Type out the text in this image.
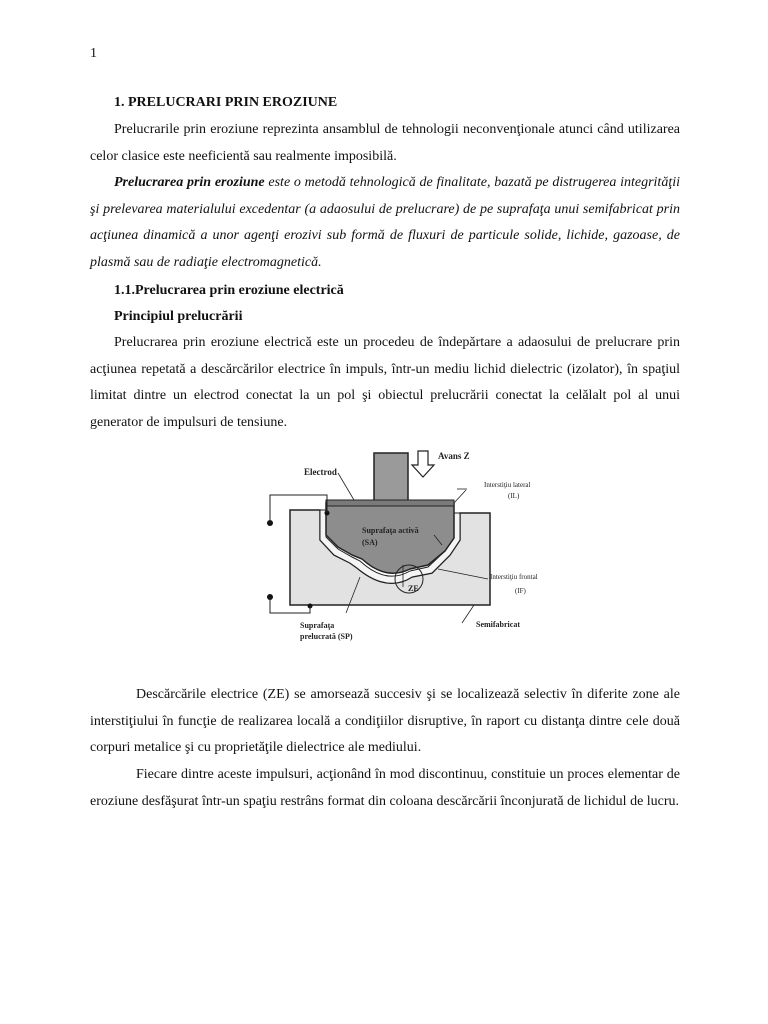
1
1. PRELUCRARI PRIN EROZIUNE
Prelucrarile prin eroziune reprezinta ansamblul de tehnologii neconvenţionale atunci când utilizarea celor clasice este neeficientă sau realmente imposibilă.
Prelucrarea prin eroziune este o metodă tehnologică de finalitate, bazată pe distrugerea integrităţii şi prelevarea materialului excedentar (a adaosului de prelucrare) de pe suprafaţa unui semifabricat prin acţiunea dinamică a unor agenţi erozivi sub formă de fluxuri de particule solide, lichide, gazoase, de plasmă sau de radiaţie electromagnetică.
1.1.Prelucrarea prin eroziune electrică
Principiul prelucrării
Prelucrarea prin eroziune electrică este un procedeu de îndepărtare a adaosului de prelucrare prin acţiunea repetată a descărcărilor electrice în impuls, într-un mediu lichid dielectric (izolator), în spaţiul limitat dintre un electrod conectat la un pol şi obiectul prelucrării conectat la celălalt pol al unui generator de impulsuri de tensiune.
Electrod
Avans Z
Interstiţiu lateral
(IL)
Suprafaţa activă
(SA)
Interstiţiu frontal
(IF)
ZE
Suprafaţa
prelucrată (SP)
Semifabricat
Descărcările electrice (ZE) se amorsează succesiv şi se localizează selectiv în diferite zone ale interstiţiului în funcţie de realizarea locală a condiţiilor disruptive, în raport cu distanţa dintre cele două corpuri metalice şi cu proprietăţile dielectrice ale mediului.
Fiecare dintre aceste impulsuri, acţionând în mod discontinuu, constituie un proces elementar de eroziune desfăşurat într-un spaţiu restrâns format din coloana descărcării înconjurată de lichidul de lucru.
